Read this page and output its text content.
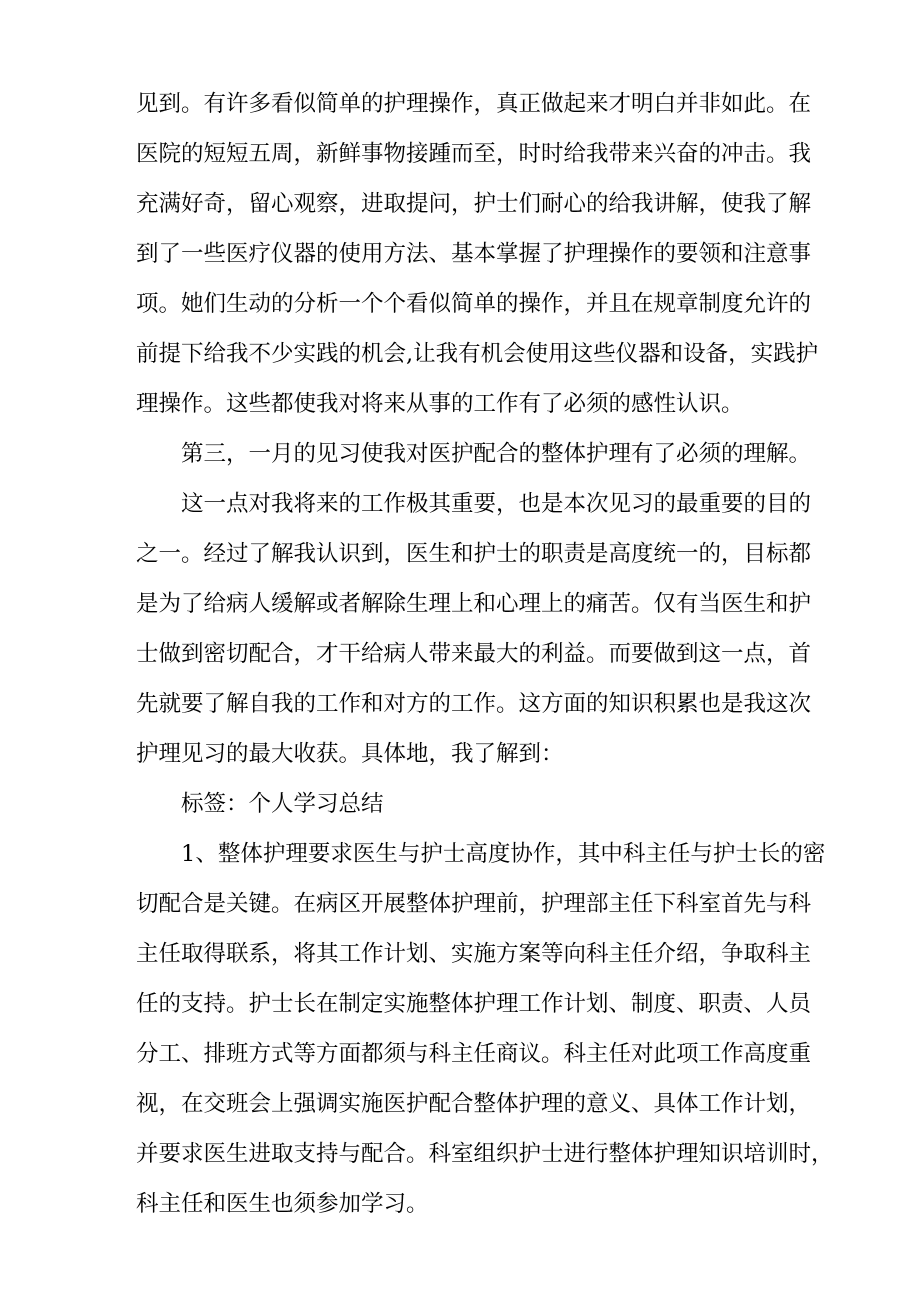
见到。有许多看似简单的护理操作，真正做起来才明白并非如此。在
医院的短短五周，新鲜事物接踵而至，时时给我带来兴奋的冲击。我
充满好奇，留心观察，进取提问，护士们耐心的给我讲解，使我了解
到了一些医疗仪器的使用方法、基本掌握了护理操作的要领和注意事
项。她们生动的分析一个个看似简单的操作，并且在规章制度允许的
前提下给我不少实践的机会,让我有机会使用这些仪器和设备，实践护
理操作。这些都使我对将来从事的工作有了必须的感性认识。
第三，一月的见习使我对医护配合的整体护理有了必须的理解。
这一点对我将来的工作极其重要，也是本次见习的最重要的目的
之一。经过了解我认识到，医生和护士的职责是高度统一的，目标都
是为了给病人缓解或者解除生理上和心理上的痛苦。仅有当医生和护
士做到密切配合，才干给病人带来最大的利益。而要做到这一点，首
先就要了解自我的工作和对方的工作。这方面的知识积累也是我这次
护理见习的最大收获。具体地，我了解到：
标签：个人学习总结
1、整体护理要求医生与护士高度协作，其中科主任与护士长的密
切配合是关键。在病区开展整体护理前，护理部主任下科室首先与科
主任取得联系，将其工作计划、实施方案等向科主任介绍，争取科主
任的支持。护士长在制定实施整体护理工作计划、制度、职责、人员
分工、排班方式等方面都须与科主任商议。科主任对此项工作高度重
视，在交班会上强调实施医护配合整体护理的意义、具体工作计划，
并要求医生进取支持与配合。科室组织护士进行整体护理知识培训时，
科主任和医生也须参加学习。
